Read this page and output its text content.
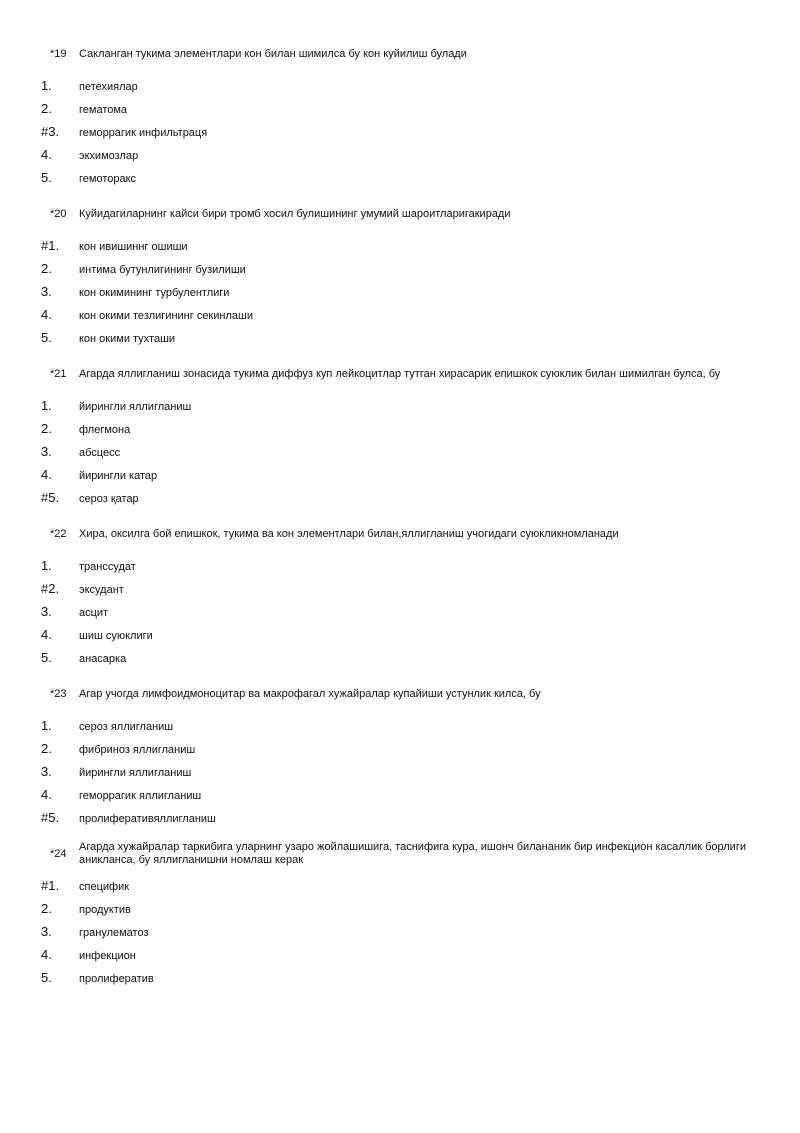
*19 Сакланган тукима элементлари кон билан шимилса бу кон куйилиш булади
1. петехиялар
2. гематома
#3. геморрагик инфильтраця
4. экхимозлар
5. гемоторакс
*20 Куйидагиларнинг кайси бири тромб хосил булишининг умумий шароитларигакиради
#1. кон ивишиннг ошиши
2. интима бутунлигининг бузилиши
3. кон окимининг турбулентлиги
4. кон окими тезлигининг секинлаши
5. кон окими тухташи
*21 Агарда яллигланиш зонасида тукима диффуз куп лейкоцитлар тутган хирасарик епишкок суюклик билан шимилган булса, бу
1. йирингли яллигланиш
2. флегмона
3. абсцесс
4. йирингли катар
#5. сероз қатар
*22 Хира, оксилга бой епишкок, тукима ва кон элементлари билан,яллигланиш учогидаги суюкликномланади
1. транссудат
#2. эксудант
3. асцит
4. шиш суюклиги
5. анасарка
*23 Агар учогда лимфоидмоноцитар ва макрофагал хужайралар купайиши устунлик килса, бу
1. сероз яллигланиш
2. фибриноз яллигланиш
3. йирингли яллигланиш
4. геморрагик яллигланиш
#5. пролиферативяллигланиш
*24
Агарда хужайралар таркибига уларнинг узаро жойлашишига, таснифига кура, ишонч билананик бир инфекцион касаллик борлиги аникланса, бу яллигланишни номлаш керак
#1. специфик
2. продуктив
3. гранулематоз
4. инфекцион
5. пролифератив
